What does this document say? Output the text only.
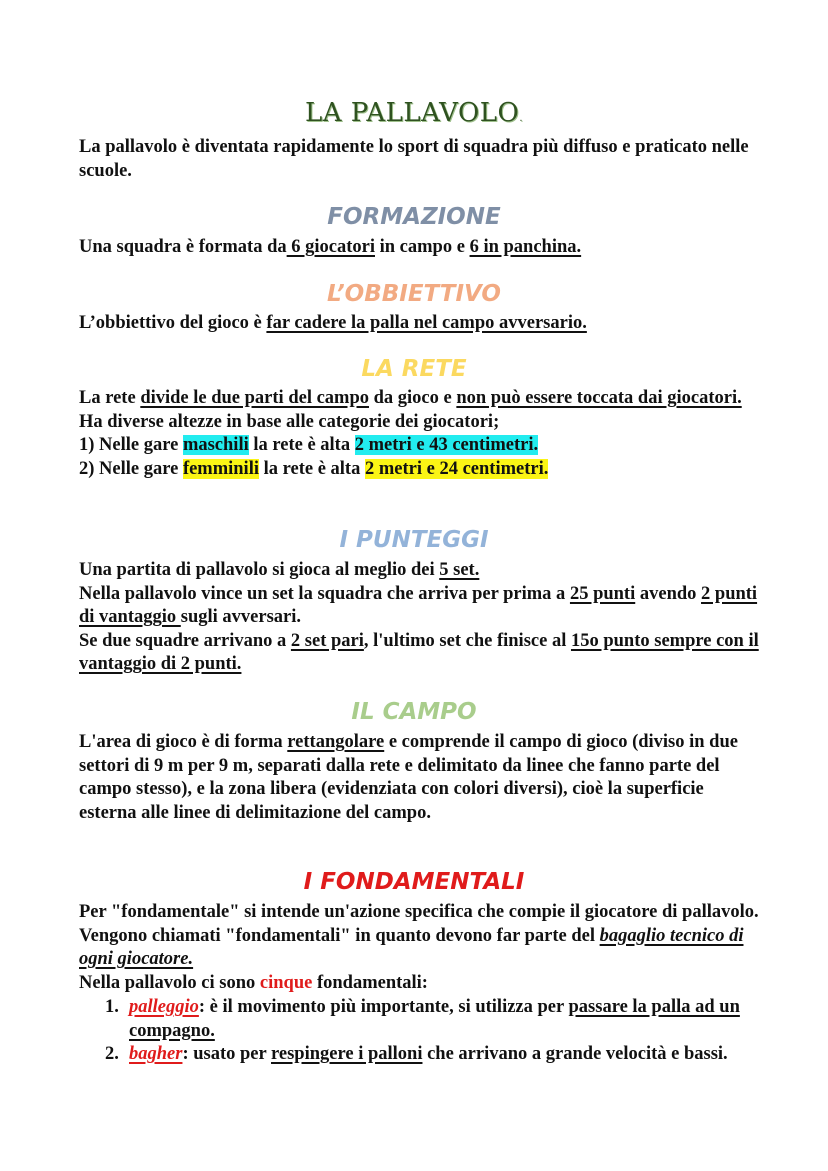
LA PALLAVOLO.
La pallavolo è diventata rapidamente lo sport di squadra più diffuso e praticato nelle scuole.
FORMAZIONE
Una squadra è formata da 6 giocatori in campo e 6 in panchina.
L’OBBIETTIVO
L’obbiettivo del gioco è far cadere la palla nel campo avversario.
LA RETE
La rete divide le due parti del campo da gioco e non può essere toccata dai giocatori.
Ha diverse altezze in base alle categorie dei giocatori;
1) Nelle gare maschili la rete è alta 2 metri e 43 centimetri.
2) Nelle gare femminili la rete è alta 2 metri e 24 centimetri.
I PUNTEGGI
Una partita di pallavolo si gioca al meglio dei 5 set.
Nella pallavolo vince un set la squadra che arriva per prima a 25 punti avendo 2 punti di vantaggio sugli avversari.
Se due squadre arrivano a 2 set pari, l'ultimo set che finisce al 15o punto sempre con il vantaggio di 2 punti.
IL CAMPO
L'area di gioco è di forma rettangolare e comprende il campo di gioco (diviso in due settori di 9 m per 9 m, separati dalla rete e delimitato da linee che fanno parte del campo stesso), e la zona libera (evidenziata con colori diversi), cioè la superficie esterna alle linee di delimitazione del campo.
I FONDAMENTALI
Per "fondamentale" si intende un'azione specifica che compie il giocatore di pallavolo. Vengono chiamati "fondamentali" in quanto devono far parte del bagaglio tecnico di ogni giocatore.
Nella pallavolo ci sono cinque fondamentali:
1. palleggio: è il movimento più importante, si utilizza per passare la palla ad un compagno.
2. bagher: usato per respingere i palloni che arrivano a grande velocità e bassi.
